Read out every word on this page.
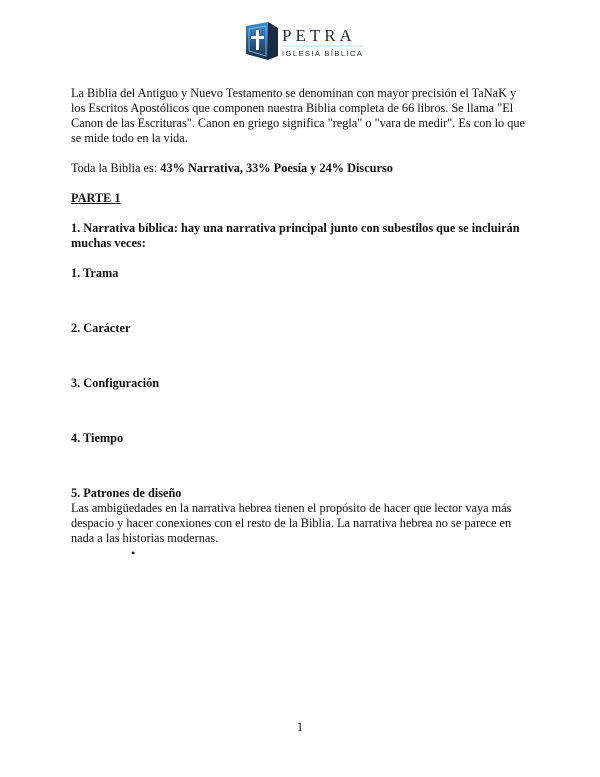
PETRA
IGLESIA BÍBLICA

La Biblia del Antiguo y Nuevo Testamento se denominan con mayor precisión el TaNaK y los Escritos Apostólicos que componen nuestra Biblia completa de 66 libros. Se llama "El Canon de las Escrituras". Canon en griego significa "regla" o "vara de medir". Es con lo que se mide todo en la vida.

Toda la Biblia es: 43% Narrativa, 33% Poesía y 24% Discurso

PARTE 1

1. Narrativa bíblica: hay una narrativa principal junto con subestilos que se incluirán muchas veces:

1. Trama

2. Carácter

3. Configuración

4. Tiempo

5. Patrones de diseño

Las ambigüedades en la narrativa hebrea tienen el propósito de hacer que lector vaya más despacio y hacer conexiones con el resto de la Biblia. La narrativa hebrea no se parece en nada a las historias modernas.

•
1
